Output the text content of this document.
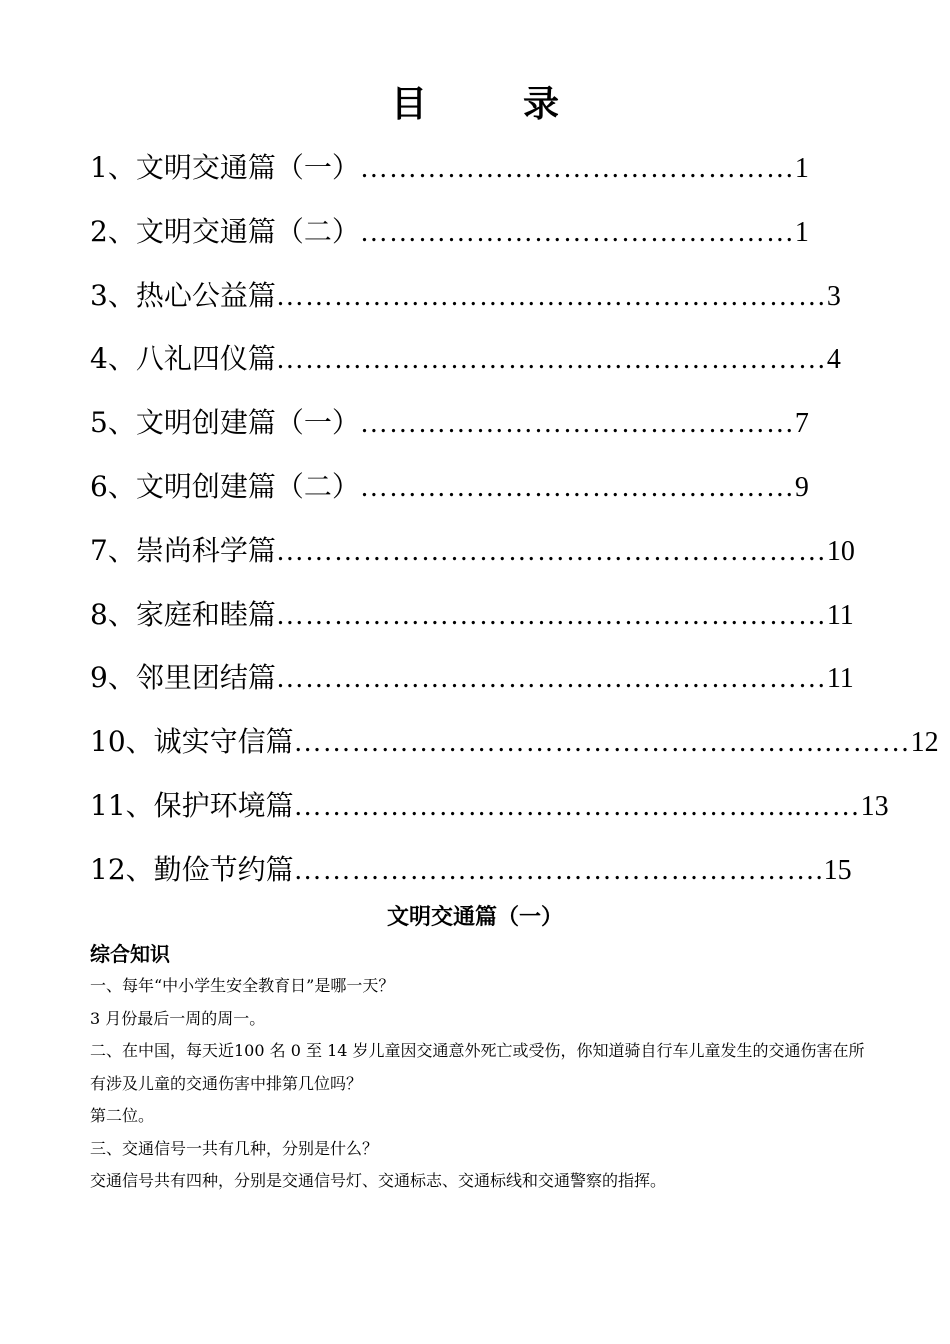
目　录
1、文明交通篇（一） ……………………………………… 1
2、文明交通篇（二） ……………………………………… 1
3、热心公益篇 ………………………………………………… 3
4、八礼四仪篇 ………………………………………………… 4
5、文明创建篇（一） ……………………………………… 7
6、文明创建篇（二） ……………………………………… 9
7、崇尚科学篇 ………………………………………………… 10
8、家庭和睦篇 ………………………………………………… 11
9、邻里团结篇 ………………………………………………… 11
10、诚实守信篇 ……………………………………………….……… 12
11、保护环境篇 ……………………………………………..…… 13
12、勤俭节约篇 ………………………………………………. 15
文明交通篇（一）
综合知识

一、每年“中小学生安全教育日”是哪一天？

3 月份最后一周的周一。

二、在中国，每天近100 名 0 至 14 岁儿童因交通意外死亡或受伤，你知道骑自行车儿童发生的交通伤害在所有涉及儿童的交通伤害中排第几位吗？

第二位。

三、交通信号一共有几种，分别是什么？

交通信号共有四种，分别是交通信号灯、交通标志、交通标线和交通警察的指挥。
